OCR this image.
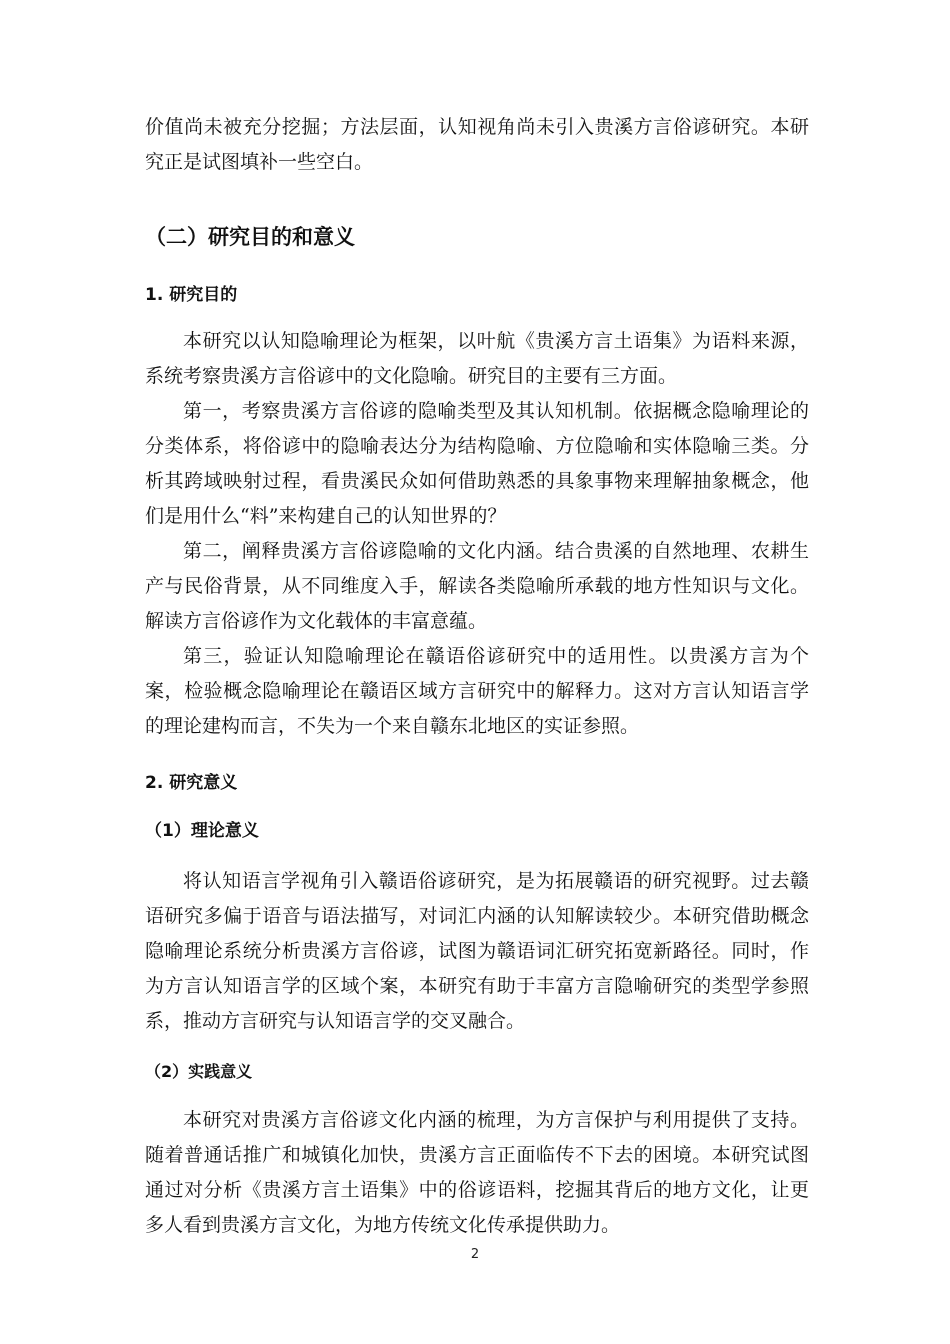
价值尚未被充分挖掘；方法层面，认知视角尚未引入贵溪方言俗谚研究。本研究正是试图填补一些空白。

（二）研究目的和意义

1. 研究目的

本研究以认知隐喻理论为框架，以叶航《贵溪方言土语集》为语料来源，系统考察贵溪方言俗谚中的文化隐喻。研究目的主要有三方面。

第一，考察贵溪方言俗谚的隐喻类型及其认知机制。依据概念隐喻理论的分类体系，将俗谚中的隐喻表达分为结构隐喻、方位隐喻和实体隐喻三类。分析其跨域映射过程，看贵溪民众如何借助熟悉的具象事物来理解抽象概念，他们是用什么“料”来构建自己的认知世界的？

第二，阐释贵溪方言俗谚隐喻的文化内涵。结合贵溪的自然地理、农耕生产与民俗背景，从不同维度入手，解读各类隐喻所承载的地方性知识与文化。解读方言俗谚作为文化载体的丰富意蕴。

第三，验证认知隐喻理论在赣语俗谚研究中的适用性。以贵溪方言为个案，检验概念隐喻理论在赣语区域方言研究中的解释力。这对方言认知语言学的理论建构而言，不失为一个来自赣东北地区的实证参照。

2. 研究意义

（1）理论意义

将认知语言学视角引入赣语俗谚研究，是为拓展赣语的研究视野。过去赣语研究多偏于语音与语法描写，对词汇内涵的认知解读较少。本研究借助概念隐喻理论系统分析贵溪方言俗谚，试图为赣语词汇研究拓宽新路径。同时，作为方言认知语言学的区域个案，本研究有助于丰富方言隐喻研究的类型学参照系，推动方言研究与认知语言学的交叉融合。

（2）实践意义

本研究对贵溪方言俗谚文化内涵的梳理，为方言保护与利用提供了支持。随着普通话推广和城镇化加快，贵溪方言正面临传不下去的困境。本研究试图通过对分析《贵溪方言土语集》中的俗谚语料，挖掘其背后的地方文化，让更多人看到贵溪方言文化，为地方传统文化传承提供助力。

2
